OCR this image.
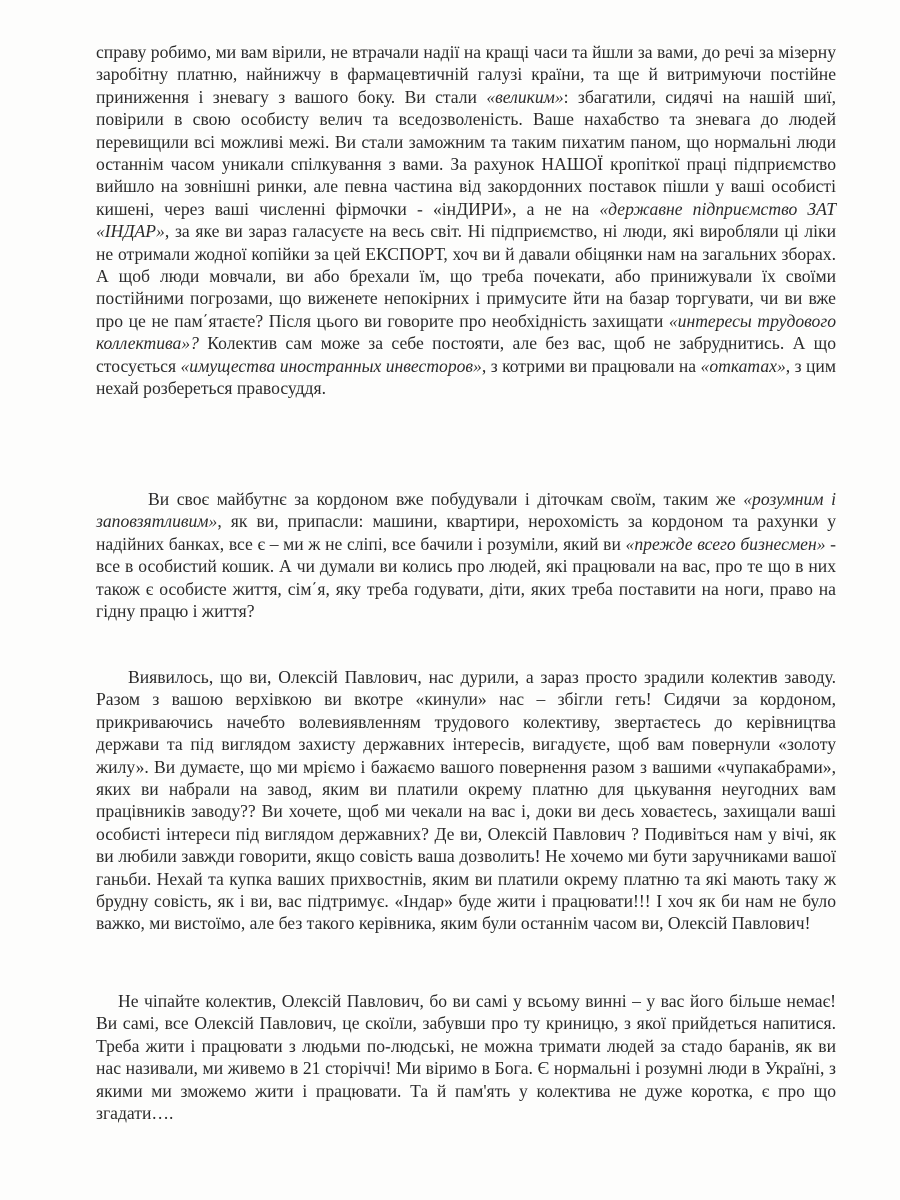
справу робимо, ми вам вірили, не втрачали надії на кращі часи та йшли за вами, до речі за мізерну заробітну платню, найнижчу в фармацевтичній галузі країни, та ще й витримуючи постійне приниження і зневагу з вашого боку. Ви стали «великим»: збагатили, сидячі на нашій шиї, повірили в свою особисту велич та вседозволеність. Ваше нахабство та зневага до людей перевищили всі можливі межі. Ви стали заможним та таким пихатим паном, що нормальні люди останнім часом уникали спілкування з вами. За рахунок НАШОЇ кропіткої праці підприємство вийшло на зовнішні ринки, але певна частина від закордонних поставок пішли у ваші особисті кишені, через ваші численні фірмочки - «інДИРИ», а не на «державне підприємство ЗАТ «ІНДАР», за яке ви зараз галасуєте на весь світ. Ні підприємство, ні люди, які виробляли ці ліки не отримали жодної копійки за цей ЕКСПОРТ, хоч ви й давали обіцянки нам на загальних зборах. А щоб люди мовчали, ви або брехали їм, що треба почекати, або принижували їх своїми постійними погрозами, що виженете непокірних і примусите йти на базар торгувати, чи ви вже про це не пам΄ятаєте? Після цього ви говорите про необхідність захищати «интересы трудового коллектива»? Колектив сам може за себе постояти, але без вас, щоб не забруднитись. А що стосується «имущества иностранных инвесторов», з котрими ви працювали на «откатах», з цим нехай розбереться правосуддя.

Ви своє майбутнє за кордоном вже побудували і діточкам своїм, таким же «розумним і заповзятливим», як ви, припасли: машини, квартири, нерохомість за кордоном та рахунки у надійних банках, все є – ми ж не сліпі, все бачили і розуміли, який ви «прежде всего бизнесмен» - все в особистий кошик. А чи думали ви колись про людей, які працювали на вас, про те що в них також є особисте життя, сім΄я, яку треба годувати, діти, яких треба поставити на ноги, право на гідну працю і життя?

Виявилось, що ви, Олексій Павлович, нас дурили, а зараз просто зрадили колектив заводу. Разом з вашою верхівкою ви вкотре «кинули» нас – збігли геть! Сидячи за кордоном, прикриваючись начебто волевиявленням трудового колективу, звертаєтесь до керівництва держави та під виглядом захисту державних інтересів, вигадуєте, щоб вам повернули «золоту жилу». Ви думаєте, що ми мріємо і бажаємо вашого повернення разом з вашими «чупакабрами», яких ви набрали на завод, яким ви платили окрему платню для цькування неугодних вам працівників заводу?? Ви хочете, щоб ми чекали на вас і, доки ви десь ховаєтесь, захищали ваші особисті інтереси під виглядом державних? Де ви, Олексій Павлович ? Подивіться нам у вічі, як ви любили завжди говорити, якщо совість ваша дозволить! Не хочемо ми бути заручниками вашої ганьби. Нехай та купка ваших прихвостнів, яким ви платили окрему платню та які мають таку ж брудну совість, як і ви, вас підтримує. «Індар» буде жити і працювати!!! І хоч як би нам не було важко, ми вистоїмо, але без такого керівника, яким були останнім часом ви, Олексій Павлович!

Не чіпайте колектив, Олексій Павлович, бо ви самі у всьому винні – у вас його більше немає! Ви самі, все Олексій Павлович, це скоїли, забувши про ту криницю, з якої прийдеться напитися. Треба жити і працювати з людьми по-людські, не можна тримати людей за стадо баранів, як ви нас називали, ми живемо в 21 сторіччі! Ми віримо в Бога. Є нормальні і розумні люди в Україні, з якими ми зможемо жити і працювати. Та й пам'ять у колектива не дуже коротка, є про що згадати….
